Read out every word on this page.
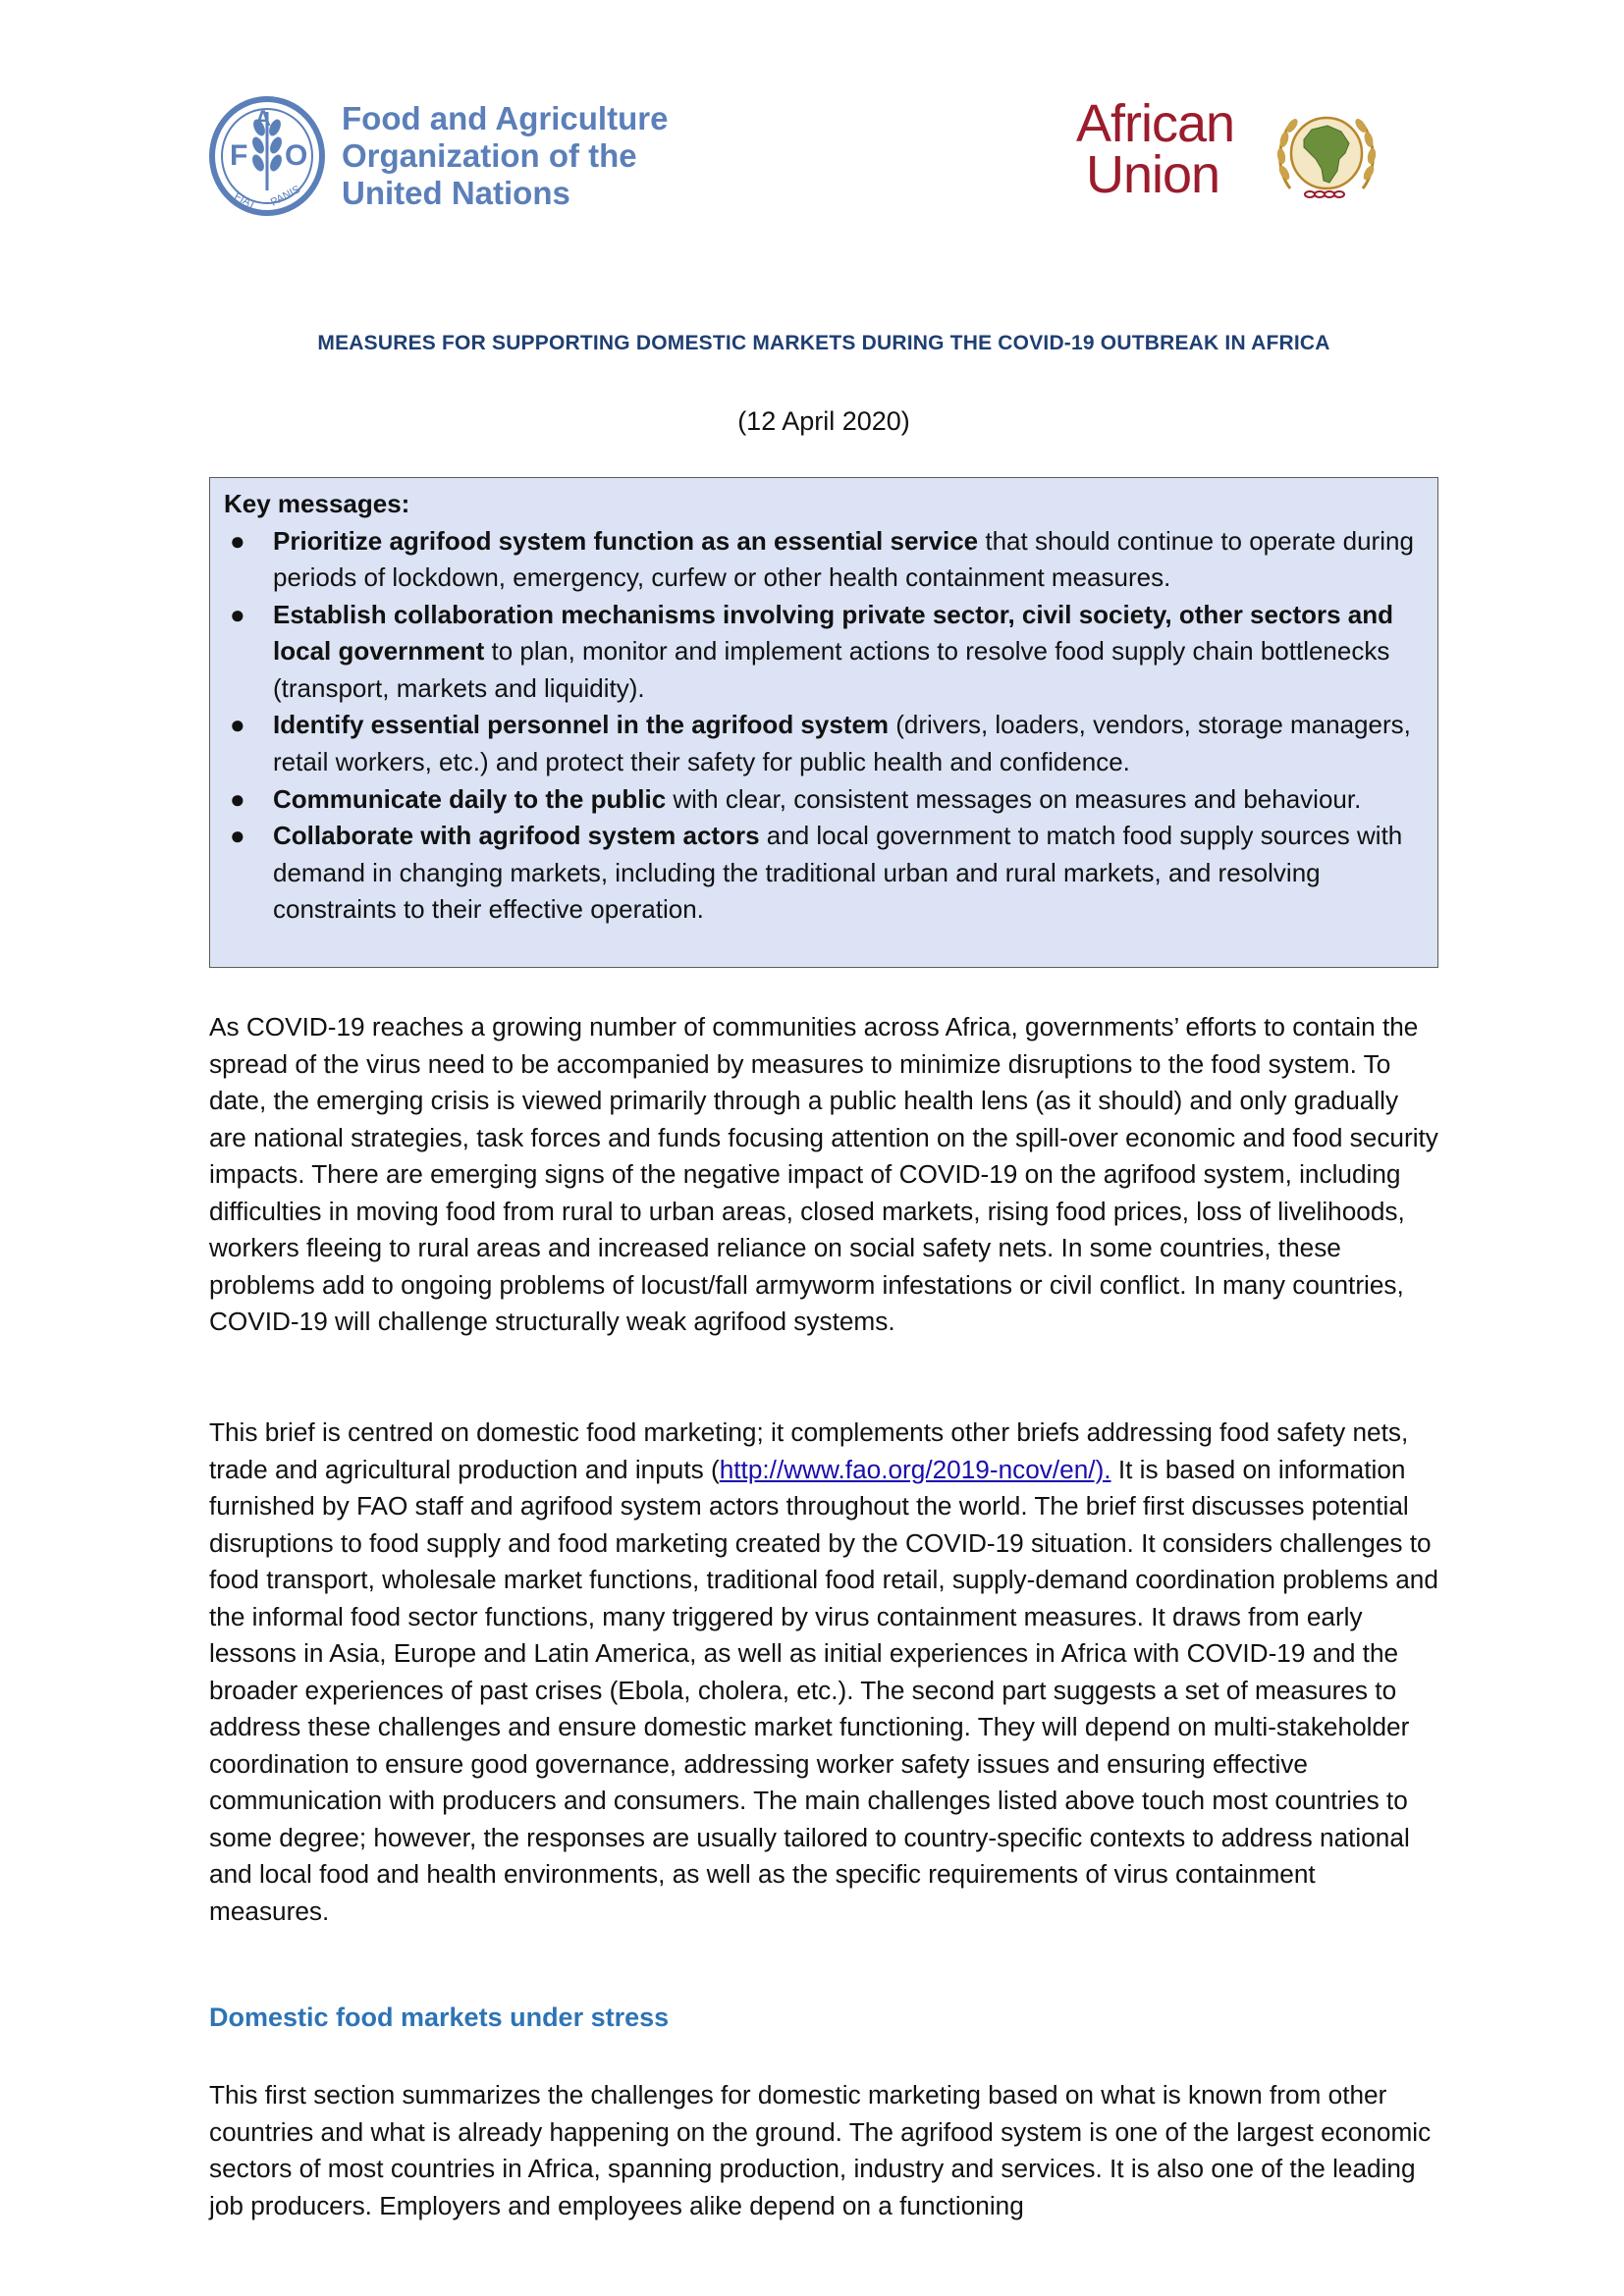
F
A
O
FIAT PANIS
Food and Agriculture
Organization of the
United Nations
African
Union
MEASURES FOR SUPPORTING DOMESTIC MARKETS DURING THE COVID-19 OUTBREAK IN AFRICA
(12 April 2020)

Key messages:

● Prioritize agrifood system function as an essential service that should continue to operate during periods of lockdown, emergency, curfew or other health containment measures.
● Establish collaboration mechanisms involving private sector, civil society, other sectors and local government to plan, monitor and implement actions to resolve food supply chain bottlenecks (transport, markets and liquidity).
● Identify essential personnel in the agrifood system (drivers, loaders, vendors, storage managers, retail workers, etc.) and protect their safety for public health and confidence.
● Communicate daily to the public with clear, consistent messages on measures and behaviour.
● Collaborate with agrifood system actors and local government to match food supply sources with demand in changing markets, including the traditional urban and rural markets, and resolving constraints to their effective operation.

As COVID-19 reaches a growing number of communities across Africa, governments’ efforts to contain the spread of the virus need to be accompanied by measures to minimize disruptions to the food system. To date, the emerging crisis is viewed primarily through a public health lens (as it should) and only gradually are national strategies, task forces and funds focusing attention on the spill-over economic and food security impacts. There are emerging signs of the negative impact of COVID-19 on the agrifood system, including difficulties in moving food from rural to urban areas, closed markets, rising food prices, loss of livelihoods, workers fleeing to rural areas and increased reliance on social safety nets. In some countries, these problems add to ongoing problems of locust/fall armyworm infestations or civil conflict. In many countries, COVID-19 will challenge structurally weak agrifood systems.

This brief is centred on domestic food marketing; it complements other briefs addressing food safety nets, trade and agricultural production and inputs (http://www.fao.org/2019-ncov/en/). It is based on information furnished by FAO staff and agrifood system actors throughout the world. The brief first discusses potential disruptions to food supply and food marketing created by the COVID-19 situation. It considers challenges to food transport, wholesale market functions, traditional food retail, supply-demand coordination problems and the informal food sector functions, many triggered by virus containment measures. It draws from early lessons in Asia, Europe and Latin America, as well as initial experiences in Africa with COVID-19 and the broader experiences of past crises (Ebola, cholera, etc.). The second part suggests a set of measures to address these challenges and ensure domestic market functioning. They will depend on multi-stakeholder coordination to ensure good governance, addressing worker safety issues and ensuring effective communication with producers and consumers. The main challenges listed above touch most countries to some degree; however, the responses are usually tailored to country-specific contexts to address national and local food and health environments, as well as the specific requirements of virus containment measures.

Domestic food markets under stress

This first section summarizes the challenges for domestic marketing based on what is known from other countries and what is already happening on the ground. The agrifood system is one of the largest economic sectors of most countries in Africa, spanning production, industry and services. It is also one of the leading job producers. Employers and employees alike depend on a functioning
